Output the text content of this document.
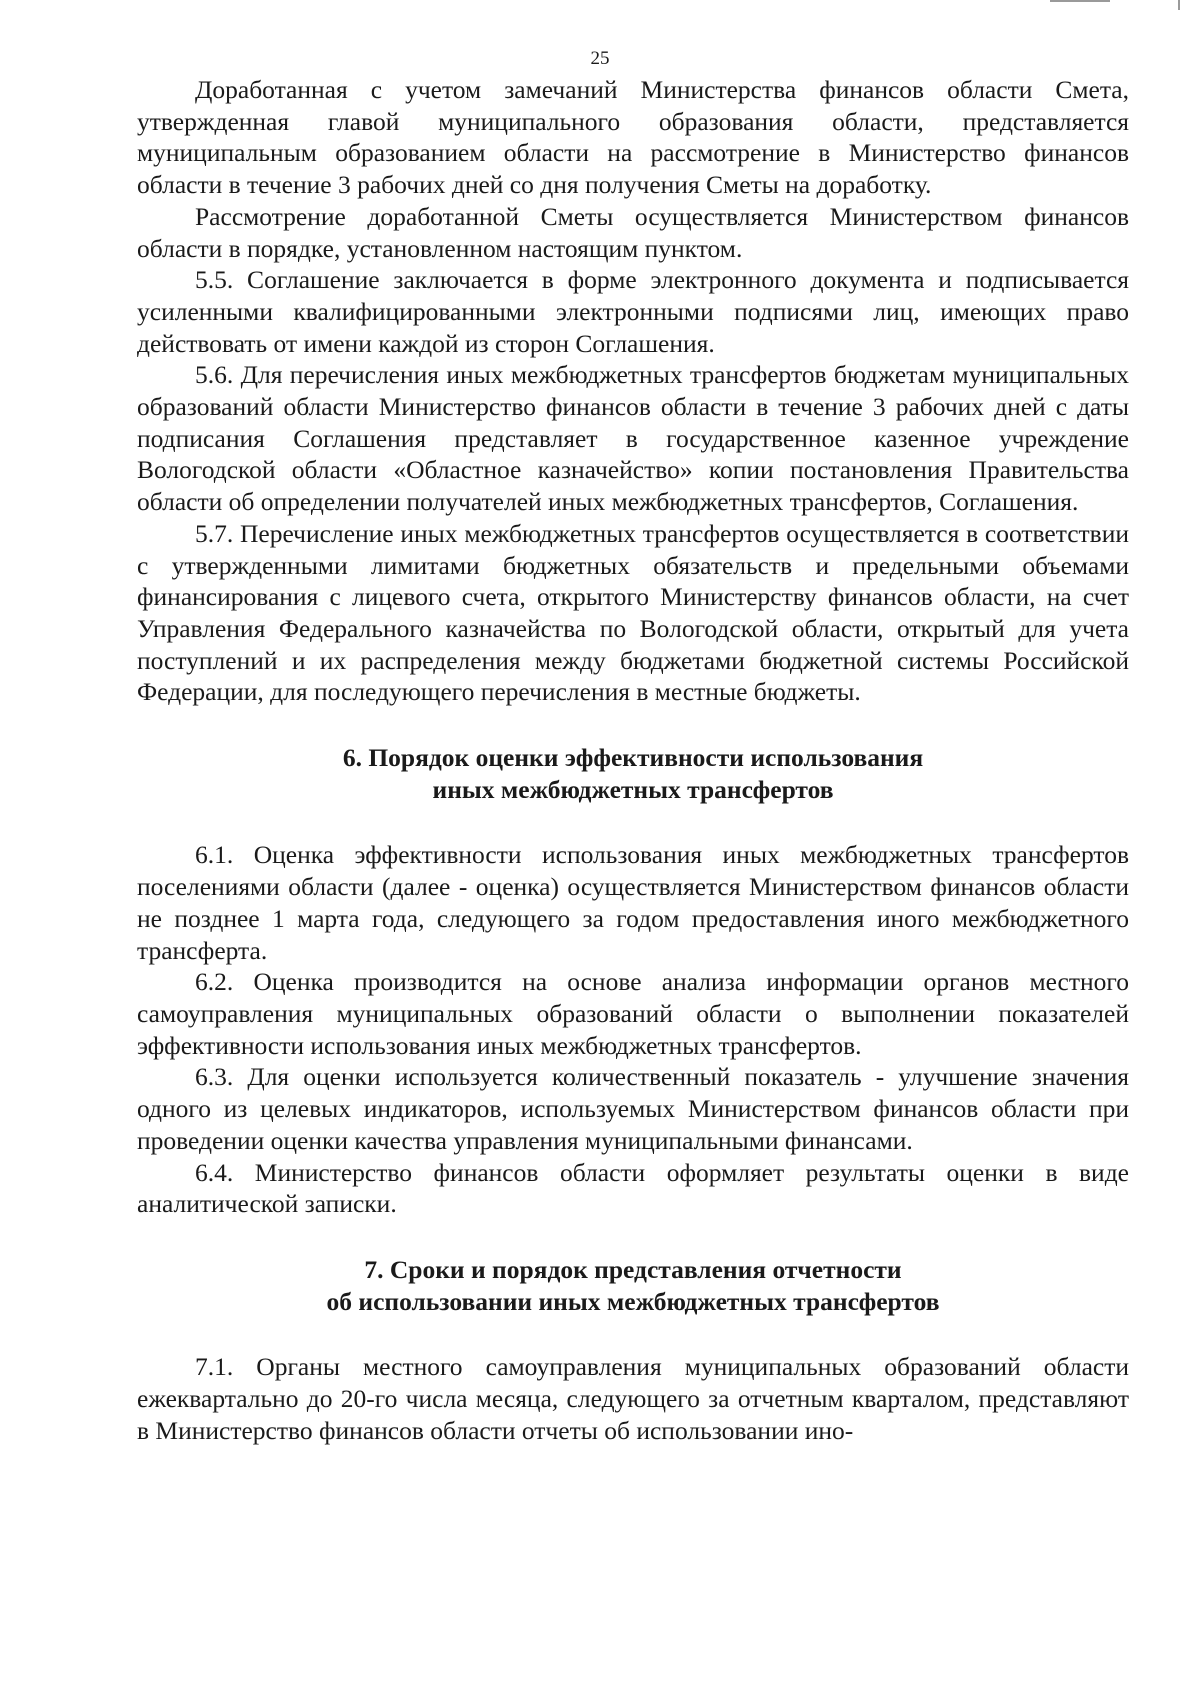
25

Доработанная с учетом замечаний Министерства финансов области Смета, утвержденная главой муниципального образования области, представляется муниципальным образованием области на рассмотрение в Министерство финансов области в течение 3 рабочих дней со дня получения Сметы на доработку.

Рассмотрение доработанной Сметы осуществляется Министерством финансов области в порядке, установленном настоящим пунктом.

5.5. Соглашение заключается в форме электронного документа и подписывается усиленными квалифицированными электронными подписями лиц, имеющих право действовать от имени каждой из сторон Соглашения.

5.6. Для перечисления иных межбюджетных трансфертов бюджетам муниципальных образований области Министерство финансов области в течение 3 рабочих дней с даты подписания Соглашения представляет в государственное казенное учреждение Вологодской области «Областное казначейство» копии постановления Правительства области об определении получателей иных межбюджетных трансфертов, Соглашения.

5.7. Перечисление иных межбюджетных трансфертов осуществляется в соответствии с утвержденными лимитами бюджетных обязательств и предельными объемами финансирования с лицевого счета, открытого Министерству финансов области, на счет Управления Федерального казначейства по Вологодской области, открытый для учета поступлений и их распределения между бюджетами бюджетной системы Российской Федерации, для последующего перечисления в местные бюджеты.

6. Порядок оценки эффективности использования
иных межбюджетных трансфертов

6.1. Оценка эффективности использования иных межбюджетных трансфертов поселениями области (далее - оценка) осуществляется Министерством финансов области не позднее 1 марта года, следующего за годом предоставления иного межбюджетного трансферта.

6.2. Оценка производится на основе анализа информации органов местного самоуправления муниципальных образований области о выполнении показателей эффективности использования иных межбюджетных трансфертов.

6.3. Для оценки используется количественный показатель - улучшение значения одного из целевых индикаторов, используемых Министерством финансов области при проведении оценки качества управления муниципальными финансами.

6.4. Министерство финансов области оформляет результаты оценки в виде аналитической записки.

7. Сроки и порядок представления отчетности
об использовании иных межбюджетных трансфертов

7.1. Органы местного самоуправления муниципальных образований области ежеквартально до 20-го числа месяца, следующего за отчетным кварталом, представляют в Министерство финансов области отчеты об использовании ино-
